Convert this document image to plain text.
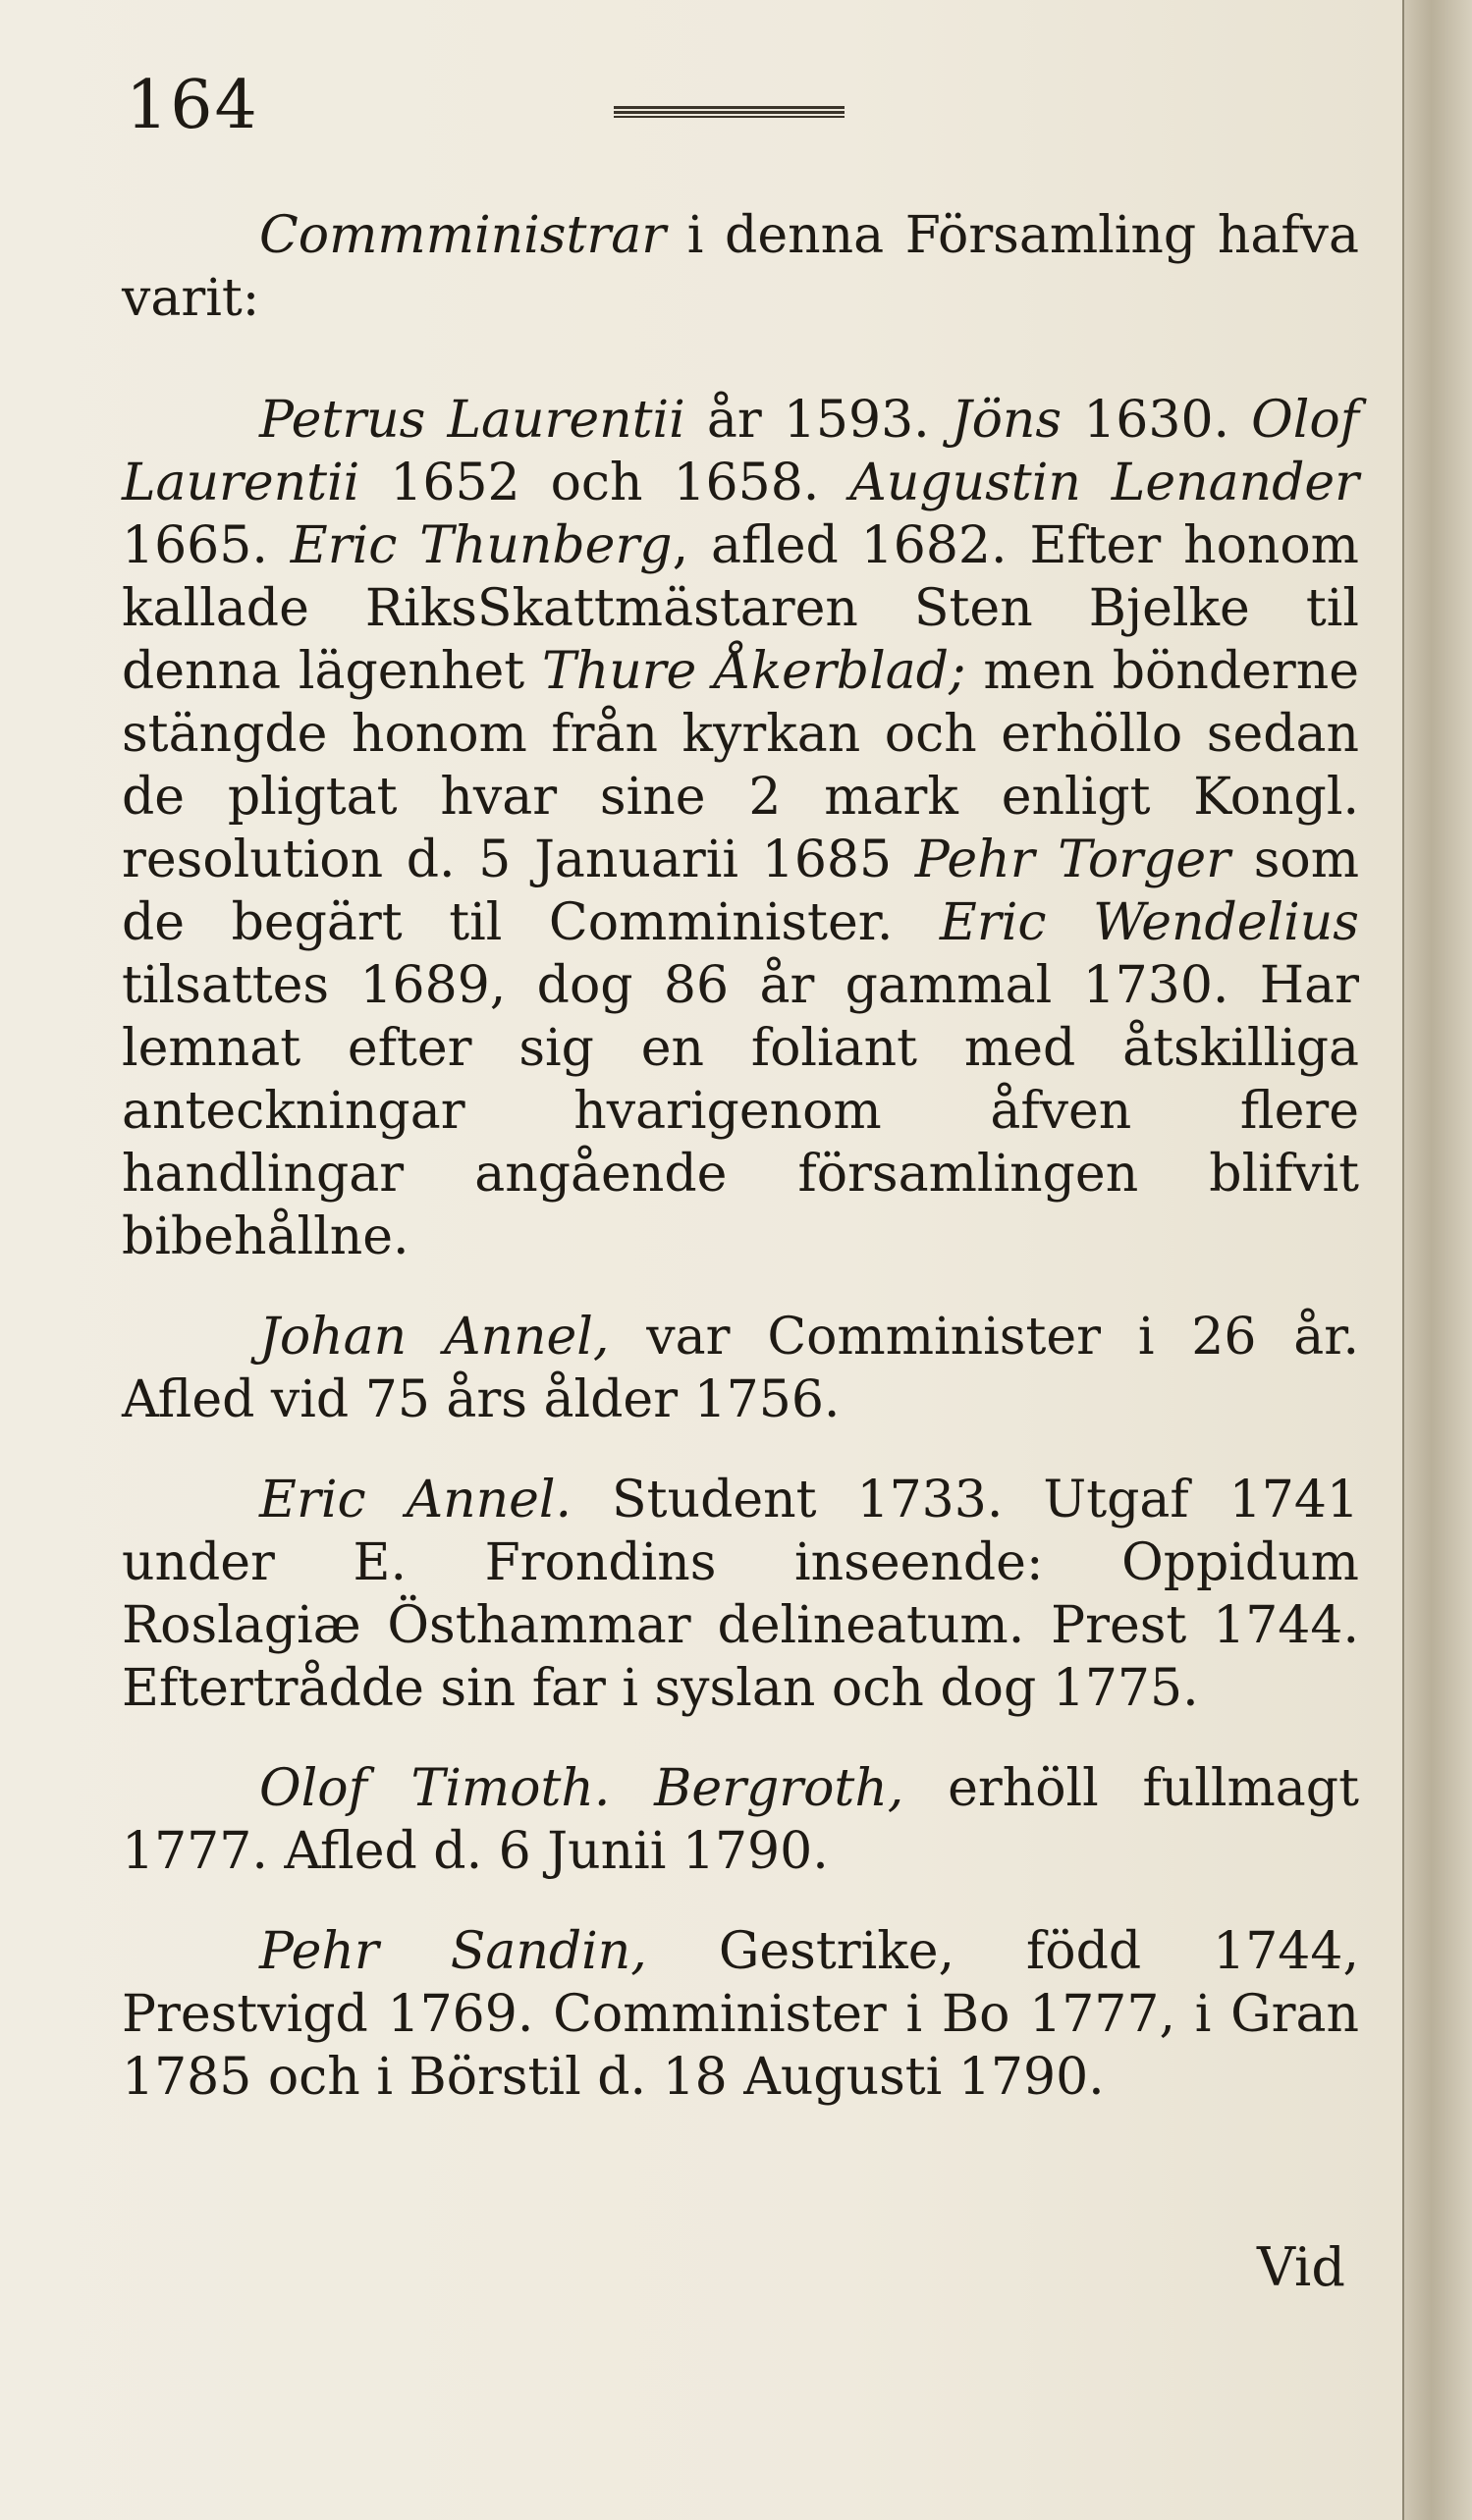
164

Commministrar i denna Församling hafva varit:

Petrus Laurentii år 1593. Jöns 1630. Olof Laurentii 1652 och 1658. Augustin Lenander 1665. Eric Thunberg, afled 1682. Efter honom kallade RiksSkattmästaren Sten Bjelke til denna lägenhet Thure Åkerblad; men bönderne stängde honom från kyrkan och erhöllo sedan de pligtat hvar sine 2 mark enligt Kongl. resolution d. 5 Januarii 1685 Pehr Torger som de begärt til Comminister. Eric Wendelius tilsattes 1689, dog 86 år gammal 1730. Har lemnat efter sig en foliant med åtskilliga anteckningar hvarigenom åfven flere handlingar angående församlingen blifvit bibehållne.

Johan Annel, var Comminister i 26 år. Afled vid 75 års ålder 1756.

Eric Annel. Student 1733. Utgaf 1741 under E. Frondins inseende: Oppidum Roslagiæ Östhammar delineatum. Prest 1744. Eftertrådde sin far i syslan och dog 1775.

Olof Timoth. Bergroth, erhöll fullmagt 1777. Afled d. 6 Junii 1790.

Pehr Sandin, Gestrike, född 1744, Prestvigd 1769. Comminister i Bo 1777, i Gran 1785 och i Börstil d. 18 Augusti 1790.

Vid
